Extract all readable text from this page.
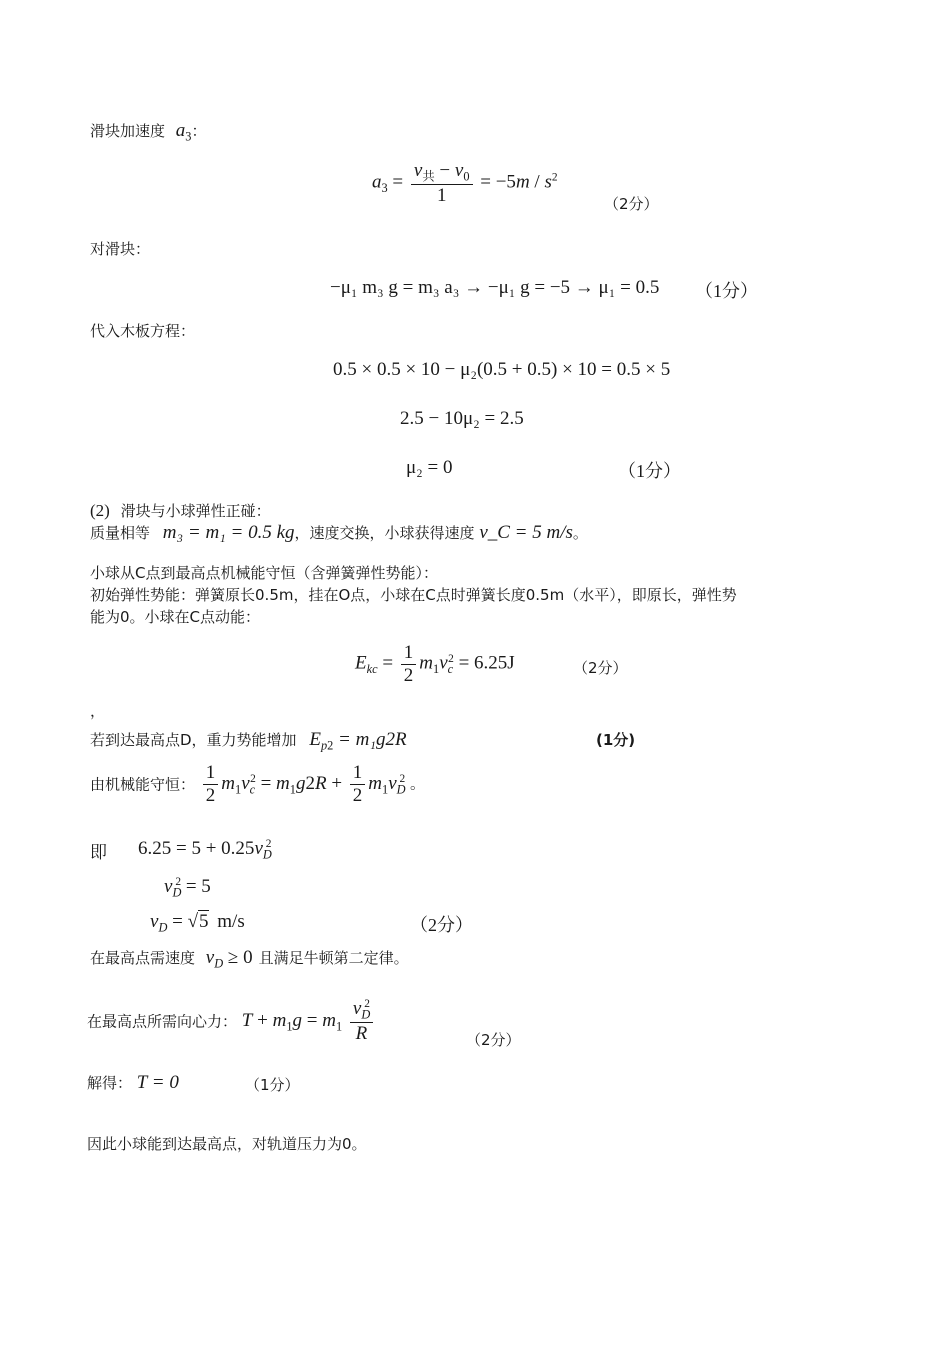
滑块加速度 $a_3$：
$a_3 = \frac{v_共 - v_0}{1} = -5m / s^2$
（2分）
对滑块：
−μ₁ m₃ g = m₃ a₃ → −μ₁ g = −5 → μ₁ = 0.5 （1分）
代入木板方程：
0.5 × 0.5 × 10 − μ₂(0.5 + 0.5) × 10 = 0.5 × 5
2.5 − 10μ₂ = 2.5
μ₂ = 0	（1分）
(2) 滑块与小球弹性正碰：
质量相等 m₃ = m₁ = 0.5 kg，速度交换，小球获得速度 v_C = 5 m/s。
小球从C点到最高点机械能守恒（含弹簧弹性势能）：
初始弹性势能：弹簧原长0.5m，挂在O点，小球在C点时弹簧长度0.5m（水平），即原长，弹性势
能为0。小球在C点动能：
$E_{kc} = \frac{1}{2} m_1v_c^2 = 6.25J$	（2分）
，
若到达最高点D，重力势能增加 $E_{p2} = m_1g2R$	(1分)
由机械能守恒： $\frac{1}{2} m_1v_c^2 = m_1g2R + \frac{1}{2} m_1v_D^2$ 。
即 $6.25 = 5 + 0.25v_D^2$
$v_D^2 = 5$
$v_D = √5$ m/s	（2分）
在最高点需速度 $v_D \ge 0$ 且满足牛顿第二定律。
在最高点所需向心力： $T + m_1g = m_1 \frac{v_D^2}{R}$	（2分）
解得： T = 0	（1分）
因此小球能到达最高点，对轨道压力为0。
